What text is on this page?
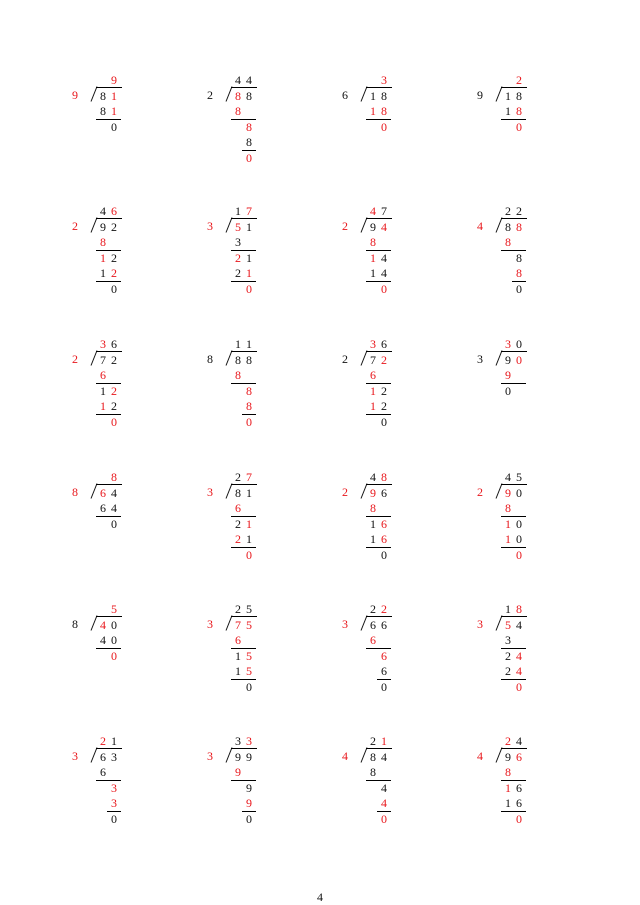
9
9
8 1
8 1
0
2
4 4
8 8
8
8
8
0
6
3
1 8
1 8
0
9
2
1 8
1 8
0
2
4 6
9 2
8
1 2
1 2
0
3
1 7
5 1
3
2 1
2 1
0
2
4 7
9 4
8
1 4
1 4
0
4
2 2
8 8
8
8
8
0
2
3 6
7 2
6
1 2
1 2
0
8
1 1
8 8
8
8
8
0
2
3 6
7 2
6
1 2
1 2
0
3
3 0
9 0
9
0
8
8
6 4
6 4
0
3
2 7
8 1
6
2 1
2 1
0
2
4 8
9 6
8
1 6
1 6
0
2
4 5
9 0
8
1 0
1 0
0
8
5
4 0
4 0
0
3
2 5
7 5
6
1 5
1 5
0
3
2 2
6 6
6
6
6
0
3
1 8
5 4
3
2 4
2 4
0
3
2 1
6 3
6
3
3
0
3
3 3
9 9
9
9
9
0
4
2 1
8 4
8
4
4
0
4
2 4
9 6
8
1 6
1 6
0
4
